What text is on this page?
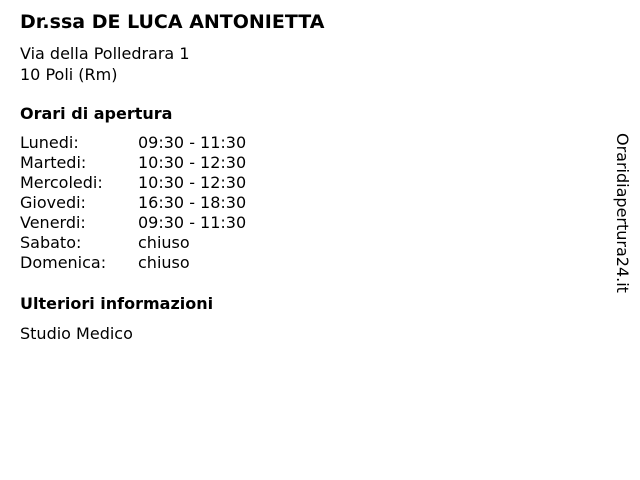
Dr.ssa DE LUCA ANTONIETTA
Via della Polledrara 1
10 Poli (Rm)
Orari di apertura
Lunedi:	09:30 - 11:30
Martedi:	10:30 - 12:30
Mercoledi:	10:30 - 12:30
Giovedi:	16:30 - 18:30
Venerdi:	09:30 - 11:30
Sabato:	chiuso
Domenica:	chiuso
Ulteriori informazioni
Studio Medico
Oraridiapertura24.it
